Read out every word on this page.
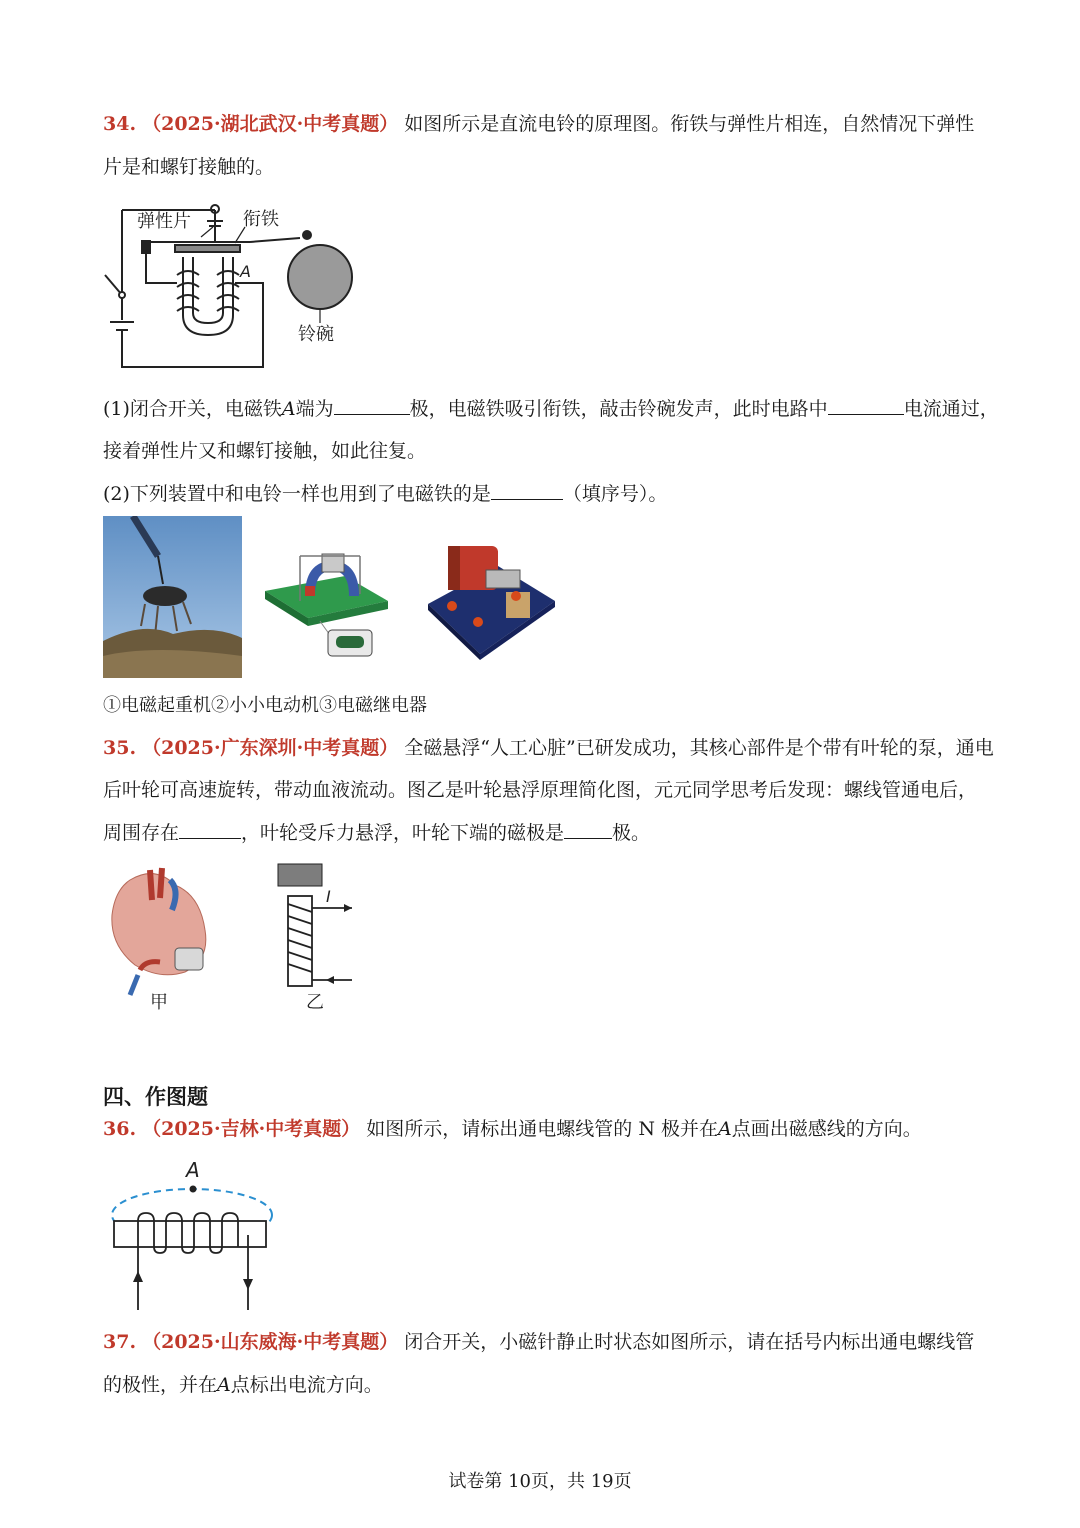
34. （2025·湖北武汉·中考真题） 如图所示是直流电铃的原理图。衔铁与弹性片相连，自然情况下弹性
片是和螺钉接触的。
弹性片	衔铁
A
铃碗
(1)闭合开关，电磁铁A端为	极，电磁铁吸引衔铁，敲击铃碗发声，此时电路中	电流通过，
接着弹性片又和螺钉接触，如此往复。
(2)下列装置中和电铃一样也用到了电磁铁的是	（填序号）。
①电磁起重机②小小电动机③电磁继电器
35. （2025·广东深圳·中考真题） 全磁悬浮“人工心脏”已研发成功，其核心部件是个带有叶轮的泵，通电
后叶轮可高速旋转，带动血液流动。图乙是叶轮悬浮原理简化图，元元同学思考后发现：螺线管通电后，
周围存在	，叶轮受斥力悬浮，叶轮下端的磁极是	极。
甲
I
乙
四、作图题
36. （2025·吉林·中考真题） 如图所示，请标出通电螺线管的 N 极并在A点画出磁感线的方向。
A
37. （2025·山东威海·中考真题） 闭合开关，小磁针静止时状态如图所示，请在括号内标出通电螺线管
的极性，并在A点标出电流方向。
试卷第 10页，共 19页
